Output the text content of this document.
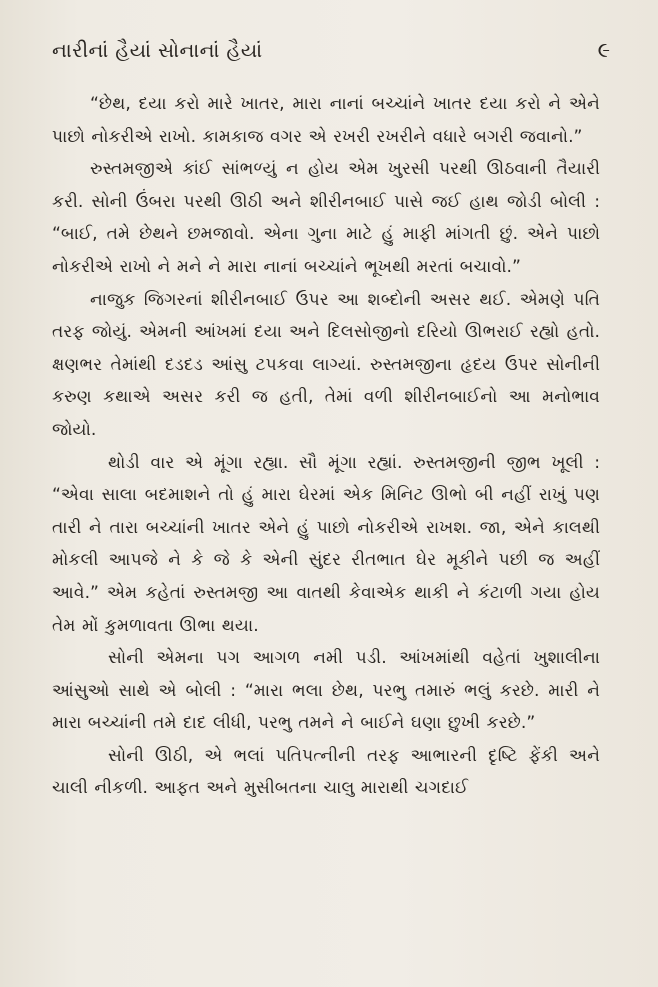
નારીનાં હૈયાં સોનાનાં હૈયાં	૯

“છેથ, દયા કરો મારે ખાતર, મારા નાનાં બચ્ચાંને ખાતર દયા કરો ને એને પાછો નોકરીએ રાખો. કામકાજ વગર એ રખરી રખરીને વધારે બગરી જવાનો.”

રુસ્તમજીએ કાંઈ સાંભળ્યું ન હોય એમ ખુરસી પરથી ઊઠવાની તૈયારી કરી. સોની ઉંબરા પરથી ઊઠી અને શીરીનબાઈ પાસે જઈ હાથ જોડી બોલી : “બાઈ, તમે છેથને છમજાવો. એના ગુના માટે હું માફી માંગતી છું. એને પાછો નોકરીએ રાખો ને મને ને મારા નાનાં બચ્ચાંને ભૂખથી મરતાં બચાવો.”

નાજુક જિગરનાં શીરીનબાઈ ઉપર આ શબ્દોની અસર થઈ. એમણે પતિ તરફ જોયું. એમની આંખમાં દયા અને દિલસોજીનો દરિયો ઊભરાઈ રહ્યો હતો. ક્ષણભર તેમાંથી દડદડ આંસુ ટપકવા લાગ્યાં. રુસ્તમજીના હૃદય ઉપર સોનીની કરુણ કથાએ અસર કરી જ હતી, તેમાં વળી શીરીનબાઈનો આ મનોભાવ જોયો.

થોડી વાર એ મૂંગા રહ્યા. સૌ મૂંગા રહ્યાં. રુસ્તમજીની જીભ ખૂલી : “એવા સાલા બદમાશને તો હું મારા ઘેરમાં એક મિનિટ ઊભો બી નહીં રાખું પણ તારી ને તારા બચ્ચાંની ખાતર એને હું પાછો નોકરીએ રાખશ. જા, એને કાલથી મોકલી આપજે ને કે જે કે એની સુંદર રીતભાત ઘેર મૂકીને પછી જ અહીં આવે.” એમ કહેતાં રુસ્તમજી આ વાતથી કેવાએક થાકી ને કંટાળી ગયા હોય તેમ મોં કુમળાવતા ઊભા થયા.

સોની એમના પગ આગળ નમી પડી. આંખમાંથી વહેતાં ખુશાલીના આંસુઓ સાથે એ બોલી : “મારા ભલા છેથ, પરભુ તમારું ભલું કરછે. મારી ને મારા બચ્ચાંની તમે દાદ લીધી, પરભુ તમને ને બાઈને ઘણા છુખી કરછે.”

સોની ઊઠી, એ ભલાં પતિપત્નીની તરફ આભારની દૃષ્ટિ ફેંકી અને ચાલી નીકળી. આફત અને મુસીબતના ચાલુ મારાથી ચગદાઈ
